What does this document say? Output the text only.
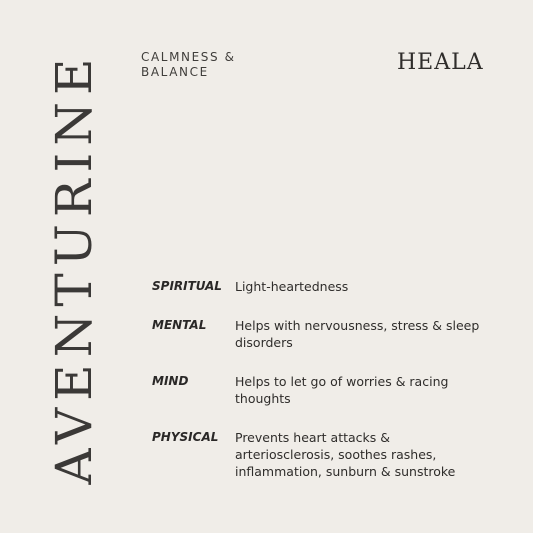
AVENTURINE	CALMNESS &
BALANCE	HEALA
SPIRITUAL	Light-heartedness
MENTAL	Helps with nervousness, stress & sleep disorders
MIND	Helps to let go of worries & racing thoughts
PHYSICAL	Prevents heart attacks & arteriosclerosis, soothes rashes, inflammation, sunburn & sunstroke
